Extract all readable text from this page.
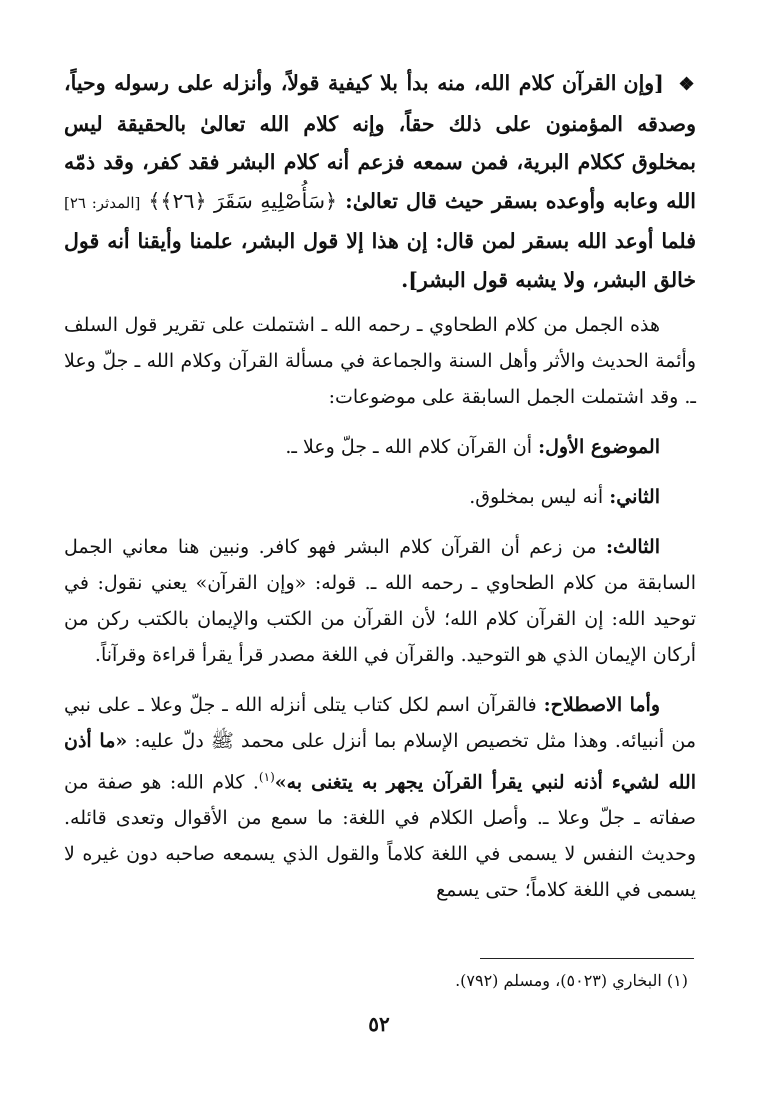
❖ [وإن القرآن كلام الله، منه بدأ بلا كيفية قولاً، وأنزله على رسوله وحياً، وصدقه المؤمنون على ذلك حقاً، وإنه كلام الله تعالىٰ بالحقيقة ليس بمخلوق ككلام البرية، فمن سمعه فزعم أنه كلام البشر فقد كفر، وقد ذمّه الله وعابه وأوعده بسقر حيث قال تعالىٰ: ﴿سَأُصْلِيهِ سَقَرَ ﴿٢٦﴾﴾ [المدثر: ٢٦] فلما أوعد الله بسقر لمن قال: إن هذا إلا قول البشر، علمنا وأيقنا أنه قول خالق البشر، ولا يشبه قول البشر].

هذه الجمل من كلام الطحاوي ـ رحمه الله ـ اشتملت على تقرير قول السلف وأئمة الحديث والأثر وأهل السنة والجماعة في مسألة القرآن وكلام الله ـ جلّ وعلا ـ. وقد اشتملت الجمل السابقة على موضوعات:

الموضوع الأول: أن القرآن كلام الله ـ جلّ وعلا ـ.

الثاني: أنه ليس بمخلوق.

الثالث: من زعم أن القرآن كلام البشر فهو كافر. ونبين هنا معاني الجمل السابقة من كلام الطحاوي ـ رحمه الله ـ. قوله: «وإن القرآن» يعني نقول: في توحيد الله: إن القرآن كلام الله؛ لأن القرآن من الكتب والإيمان بالكتب ركن من أركان الإيمان الذي هو التوحيد. والقرآن في اللغة مصدر قرأ يقرأ قراءة وقرآناً.

وأما الاصطلاح: فالقرآن اسم لكل كتاب يتلى أنزله الله ـ جلّ وعلا ـ على نبي من أنبيائه. وهذا مثل تخصيص الإسلام بما أنزل على محمد ﷺ دلّ عليه: «ما أذن الله لشيء أذنه لنبي يقرأ القرآن يجهر به يتغنى به»$^{(١)}$. كلام الله: هو صفة من صفاته ـ جلّ وعلا ـ. وأصل الكلام في اللغة: ما سمع من الأقوال وتعدى قائله. وحديث النفس لا يسمى في اللغة كلاماً والقول الذي يسمعه صاحبه دون غيره لا يسمى في اللغة كلاماً؛ حتى يسمع

(١) البخاري (٥٠٢٣)، ومسلم (٧٩٢).

٥٢
